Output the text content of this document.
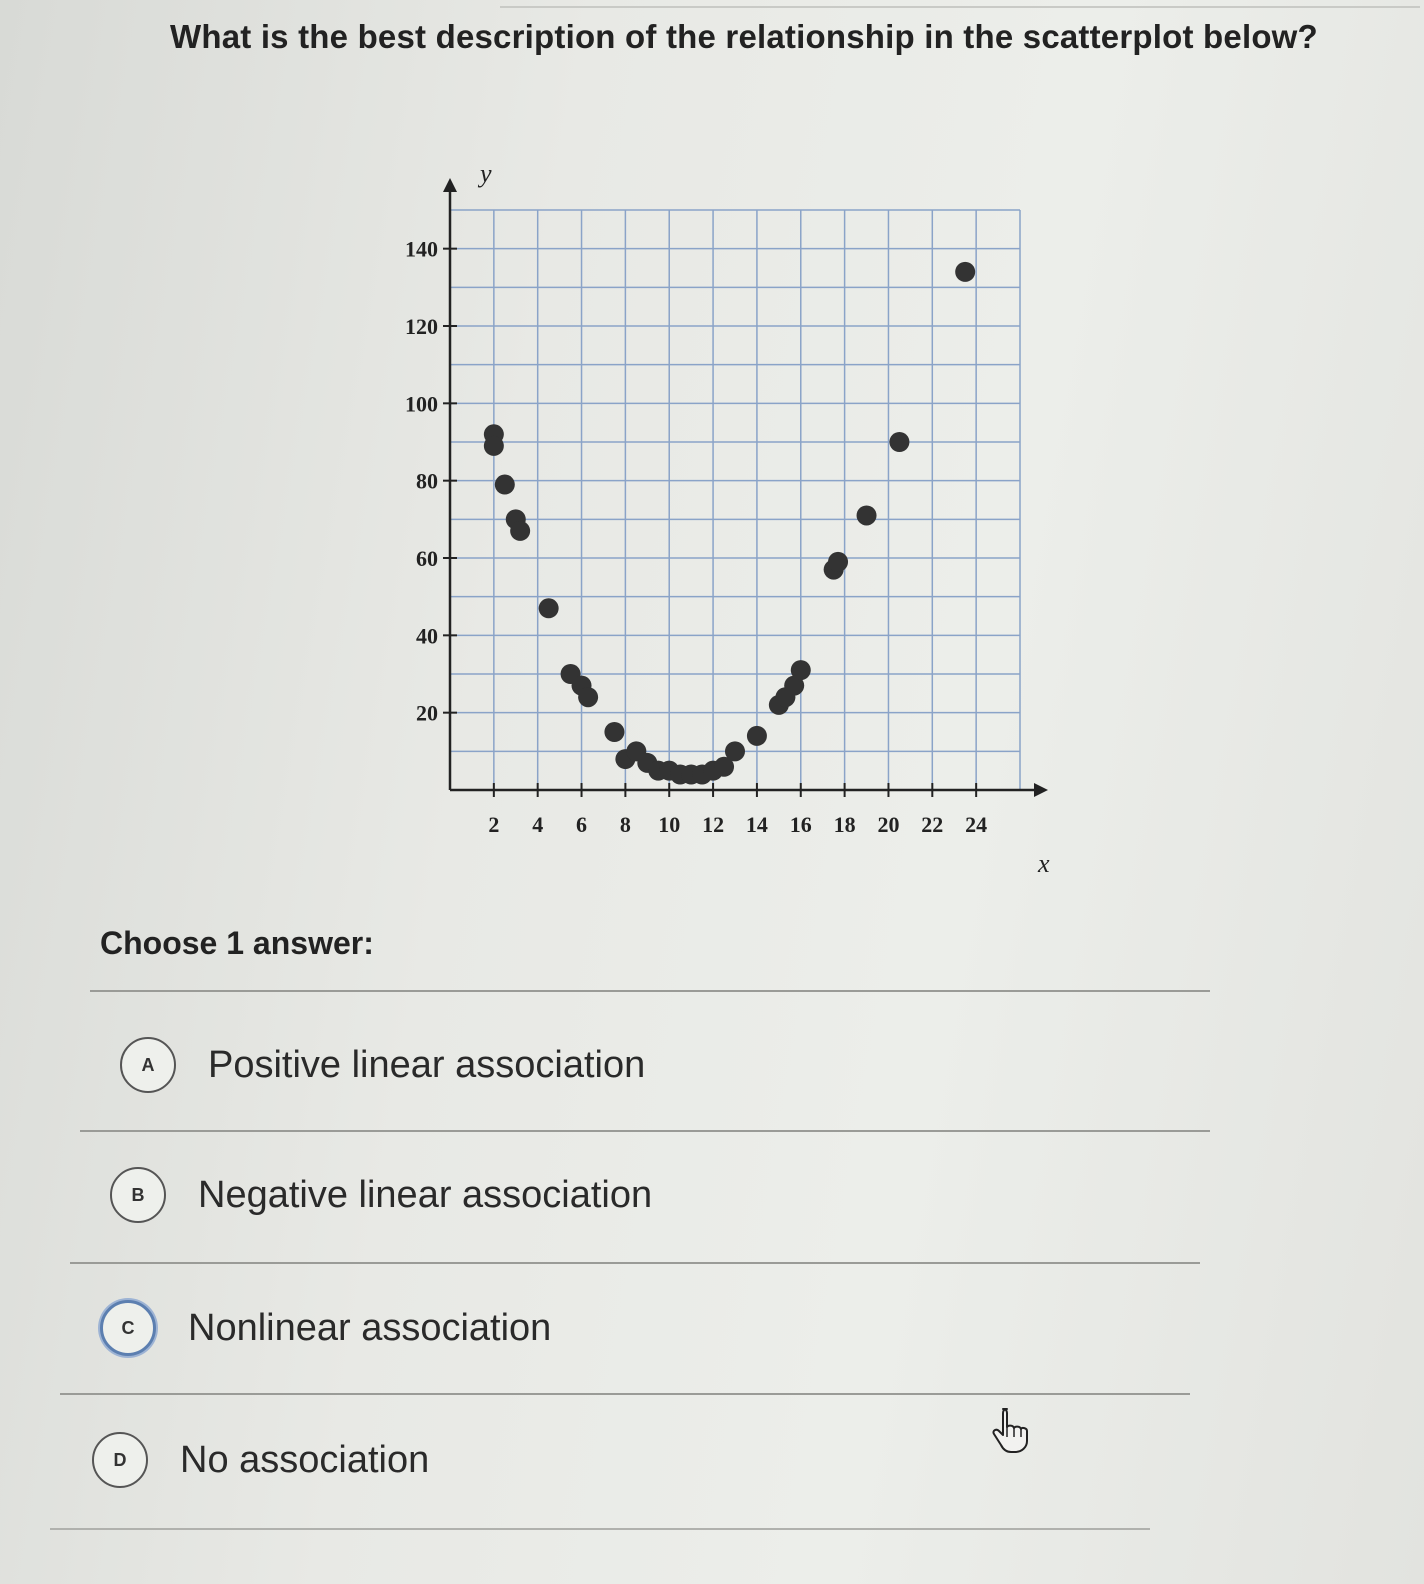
What is the best description of the relationship in the scatterplot below?
2 4 6 8 10 12 14 16 18 20 22 24
20
40
60
80
100
120
140
x
y
Choose 1 answer:
A	Positive linear association
B	Negative linear association
C	Nonlinear association
D	No association
